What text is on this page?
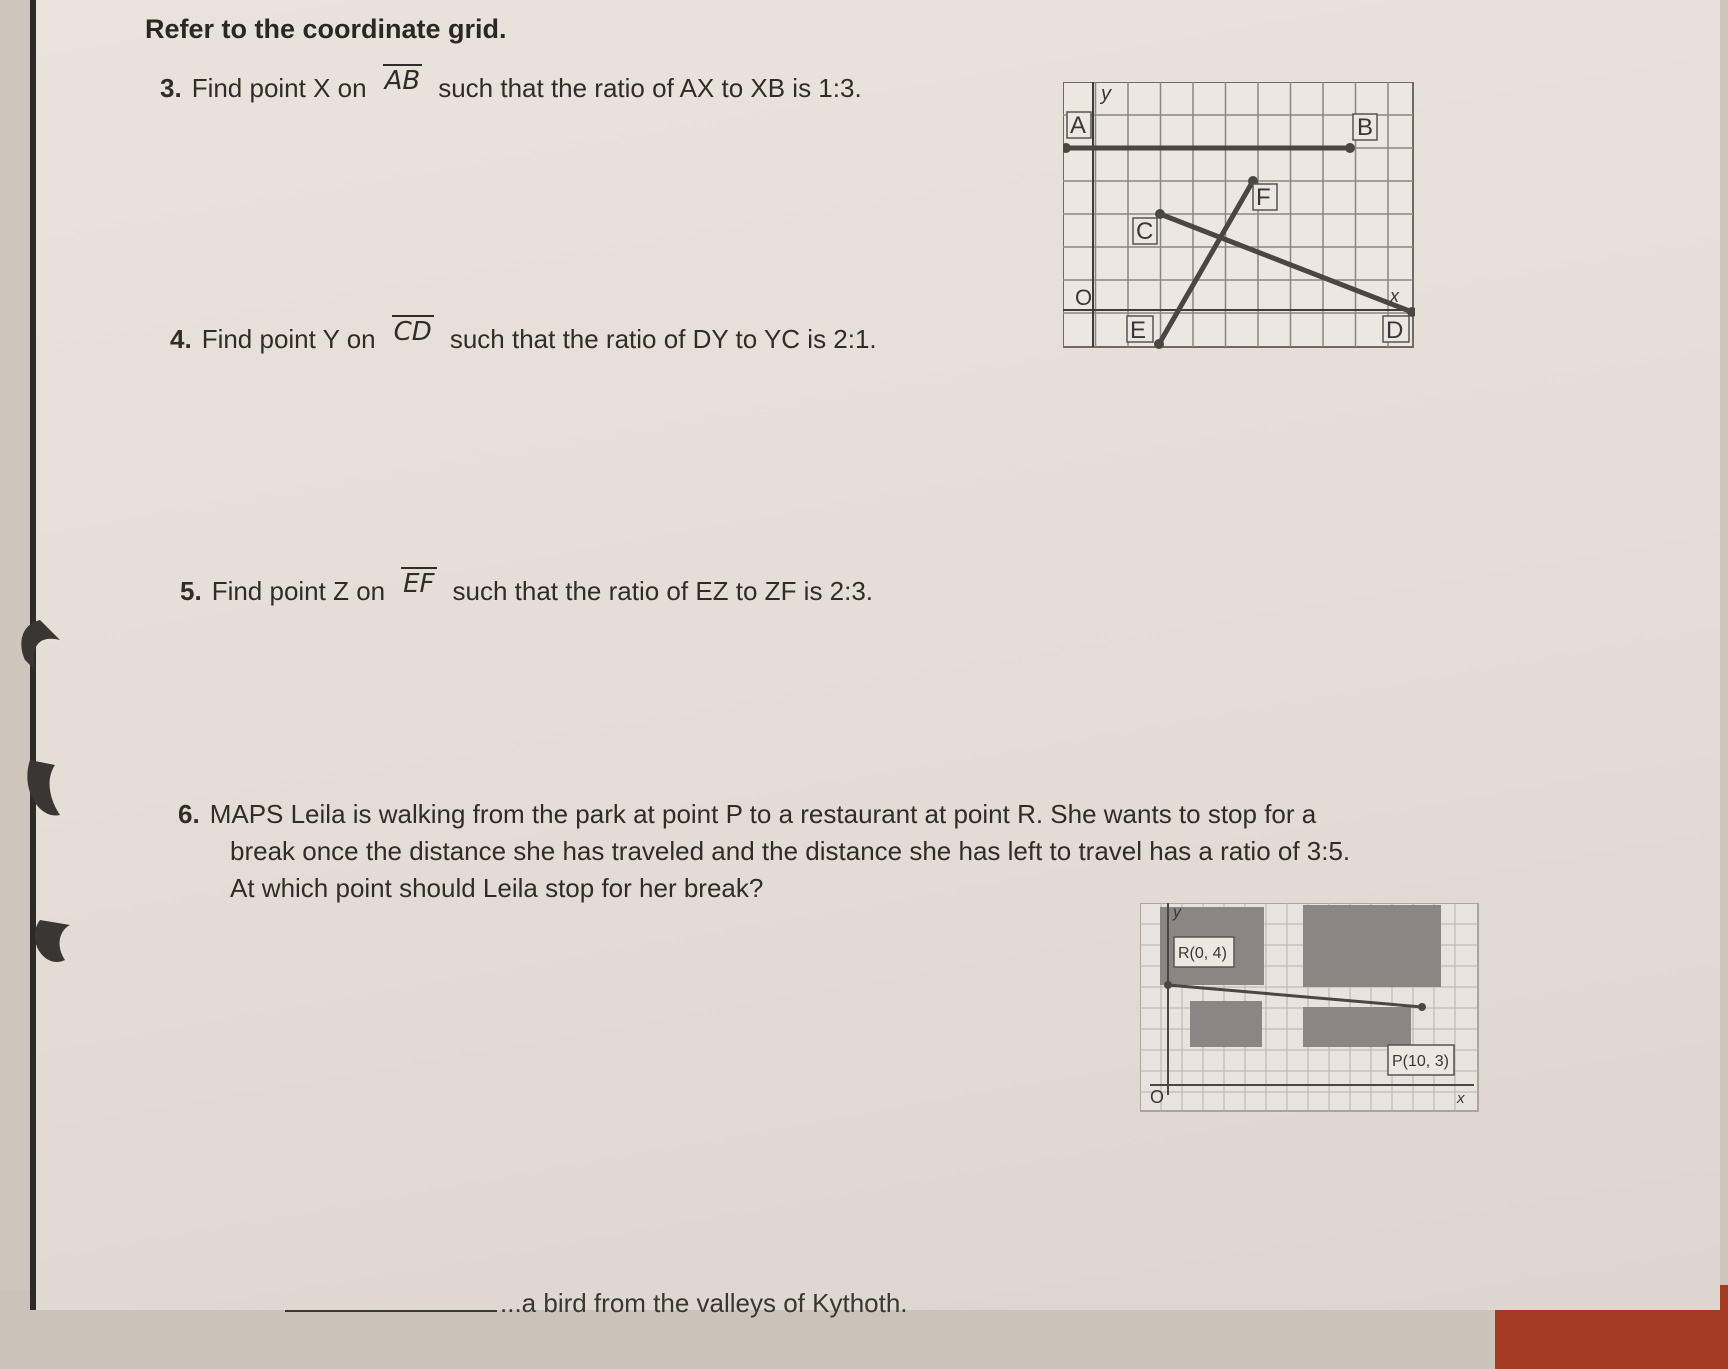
Refer to the coordinate grid.
3. Find point X on AB such that the ratio of AX to XB is 1:3.
4. Find point Y on CD such that the ratio of DY to YC is 2:1.
5. Find point Z on EF such that the ratio of EZ to ZF is 2:3.
6. MAPS Leila is walking from the park at point P to a restaurant at point R. She wants to stop for a
break once the distance she has traveled and the distance she has left to travel has a ratio of 3:5.
At which point should Leila stop for her break?
A	B
C
D
E
F
y
x
O
R(0, 4)
P(10, 3)
y
x
O
...a bird from the valleys of Kythoth.
